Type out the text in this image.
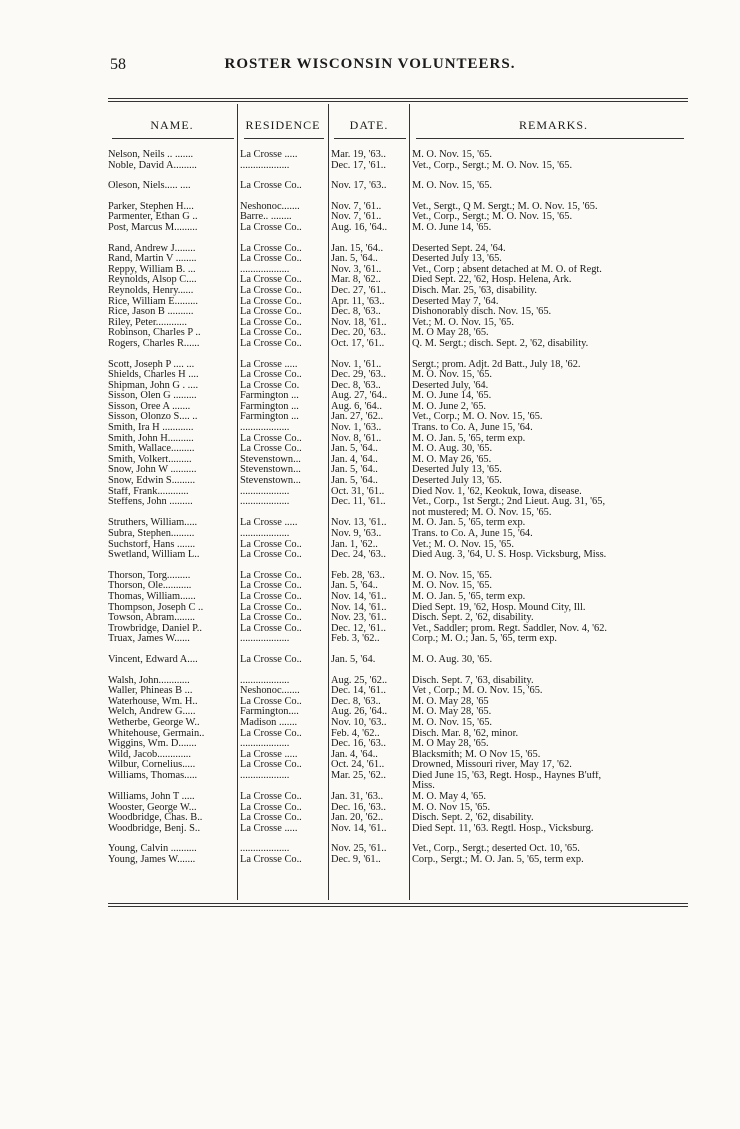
58	ROSTER WISCONSIN VOLUNTEERS.
NAME.	RESIDENCE	DATE.	REMARKS.
Nelson, Neils .. .......	La Crosse .....	Mar. 19, '63..	M. O. Nov. 15, '65.
Noble, David A.........	...................	Dec. 17, '61..	Vet., Corp., Sergt.; M. O. Nov. 15, '65.
Oleson, Niels..... ....	La Crosse Co..	Nov. 17, '63..	M. O. Nov. 15, '65.
Parker, Stephen H....	Neshonoc.......	Nov. 7, '61..	Vet., Sergt., Q M. Sergt.; M. O. Nov. 15, '65.
Parmenter, Ethan G ..	Barre.. ........	Nov. 7, '61..	Vet., Corp., Sergt.; M. O. Nov. 15, '65.
Post, Marcus M.........	La Crosse Co..	Aug. 16, '64..	M. O. June 14, '65.
Rand, Andrew J........	La Crosse Co..	Jan. 15, '64..	Deserted Sept. 24, '64.
Rand, Martin V ........	La Crosse Co..	Jan. 5, '64..	Deserted July 13, '65.
Reppy, William B. ...	...................	Nov. 3, '61..	Vet., Corp ; absent detached at M. O. of Regt.
Reynolds, Alsop C....	La Crosse Co..	Mar. 8, '62..	Died Sept. 22, '62, Hosp. Helena, Ark.
Reynolds, Henry......	La Crosse Co..	Dec. 27, '61..	Disch. Mar. 25, '63, disability.
Rice, William E.........	La Crosse Co..	Apr. 11, '63..	Deserted May 7, '64.
Rice, Jason B ..........	La Crosse Co..	Dec. 8, '63..	Dishonorably disch. Nov. 15, '65.
Riley, Peter............	La Crosse Co..	Nov. 18, '61..	Vet.; M. O. Nov. 15, '65.
Robinson, Charles P ..	La Crosse Co..	Dec. 20, '63..	M. O May 28, '65.
Rogers, Charles R......	La Crosse Co..	Oct. 17, '61..	Q. M. Sergt.; disch. Sept. 2, '62, disability.
Scott, Joseph P .... ...	La Crosse .....	Nov. 1, '61..	Sergt.; prom. Adjt. 2d Batt., July 18, '62.
Shields, Charles H ....	La Crosse Co..	Dec. 29, '63..	M. O. Nov. 15, '65.
Shipman, John G . ....	La Crosse Co.	Dec. 8, '63..	Deserted July, '64.
Sisson, Olen G .........	Farmington ...	Aug. 27, '64..	M. O. June 14, '65.
Sisson, Oree A .......	Farmington ...	Aug. 6, '64..	M. O. June 2, '65.
Sisson, Olonzo S.... ..	Farmington ...	Jan. 27, '62..	Vet., Corp.; M. O. Nov. 15, '65.
Smith, Ira H ............	...................	Nov. 1, '63..	Trans. to Co. A, June 15, '64.
Smith, John H..........	La Crosse Co..	Nov. 8, '61..	M. O. Jan. 5, '65, term exp.
Smith, Wallace.........	La Crosse Co..	Jan. 5, '64..	M. O. Aug. 30, '65.
Smith, Volkert.........	Stevenstown...	Jan. 4, '64..	M. O. May 26, '65.
Snow, John W ..........	Stevenstown...	Jan. 5, '64..	Deserted July 13, '65.
Snow, Edwin S.........	Stevenstown...	Jan. 5, '64..	Deserted July 13, '65.
Staff, Frank............	...................	Oct. 31, '61..	Died Nov. 1, '62, Keokuk, Iowa, disease.
Steffens, John .........	...................	Dec. 11, '61..	Vet., Corp., 1st Sergt.; 2nd Lieut. Aug. 31, '65,
not mustered; M. O. Nov. 15, '65.
Struthers, William.....	La Crosse .....	Nov. 13, '61..	M. O. Jan. 5, '65, term exp.
Subra, Stephen.........	...................	Nov. 9, '63..	Trans. to Co. A, June 15, '64.
Suchstorf, Hans .......	La Crosse Co..	Jan. 1, '62..	Vet.; M. O. Nov. 15, '65.
Swetland, William L..	La Crosse Co..	Dec. 24, '63..	Died Aug. 3, '64, U. S. Hosp. Vicksburg, Miss.
Thorson, Torg.........	La Crosse Co..	Feb. 28, '63..	M. O. Nov. 15, '65.
Thorson, Ole...........	La Crosse Co..	Jan. 5, '64..	M. O. Nov. 15, '65.
Thomas, William......	La Crosse Co..	Nov. 14, '61..	M. O. Jan. 5, '65, term exp.
Thompson, Joseph C ..	La Crosse Co..	Nov. 14, '61..	Died Sept. 19, '62, Hosp. Mound City, Ill.
Towson, Abram........	La Crosse Co..	Nov. 23, '61..	Disch. Sept. 2, '62, disability.
Trowbridge, Daniel P..	La Crosse Co..	Dec. 12, '61..	Vet., Saddler; prom. Regt. Saddler, Nov. 4, '62.
Truax, James W......	...................	Feb. 3, '62..	Corp.; M. O.; Jan. 5, '65, term exp.
Vincent, Edward A....	La Crosse Co..	Jan. 5, '64.	M. O. Aug. 30, '65.
Walsh, John............	...................	Aug. 25, '62..	Disch. Sept. 7, '63, disability.
Waller, Phineas B ...	Neshonoc.......	Dec. 14, '61..	Vet , Corp.; M. O. Nov. 15, '65.
Waterhouse, Wm. H..	La Crosse Co..	Dec. 8, '63..	M. O. May 28, '65
Welch, Andrew G.....	Farmington....	Aug. 26, '64..	M. O. May 28, '65.
Wetherbe, George W..	Madison .......	Nov. 10, '63..	M. O. Nov. 15, '65.
Whitehouse, Germain..	La Crosse Co..	Feb. 4, '62..	Disch. Mar. 8, '62, minor.
Wiggins, Wm. D.......	...................	Dec. 16, '63..	M. O May 28, '65.
Wild, Jacob.............	La Crosse .....	Jan. 4, '64..	Blacksmith; M. O Nov 15, '65.
Wilbur, Cornelius.....	La Crosse Co..	Oct. 24, '61..	Drowned, Missouri river, May 17, '62.
Williams, Thomas.....	...................	Mar. 25, '62..	Died June 15, '63, Regt. Hosp., Haynes B'uff,
Miss.
Williams, John T .....	La Crosse Co..	Jan. 31, '63..	M. O. May 4, '65.
Wooster, George W...	La Crosse Co..	Dec. 16, '63..	M. O. Nov 15, '65.
Woodbridge, Chas. B..	La Crosse Co..	Jan. 20, '62..	Disch. Sept. 2, '62, disability.
Woodbridge, Benj. S..	La Crosse .....	Nov. 14, '61..	Died Sept. 11, '63. Regtl. Hosp., Vicksburg.
Young, Calvin ..........	...................	Nov. 25, '61..	Vet., Corp., Sergt.; deserted Oct. 10, '65.
Young, James W.......	La Crosse Co..	Dec. 9, '61..	Corp., Sergt.; M. O. Jan. 5, '65, term exp.
